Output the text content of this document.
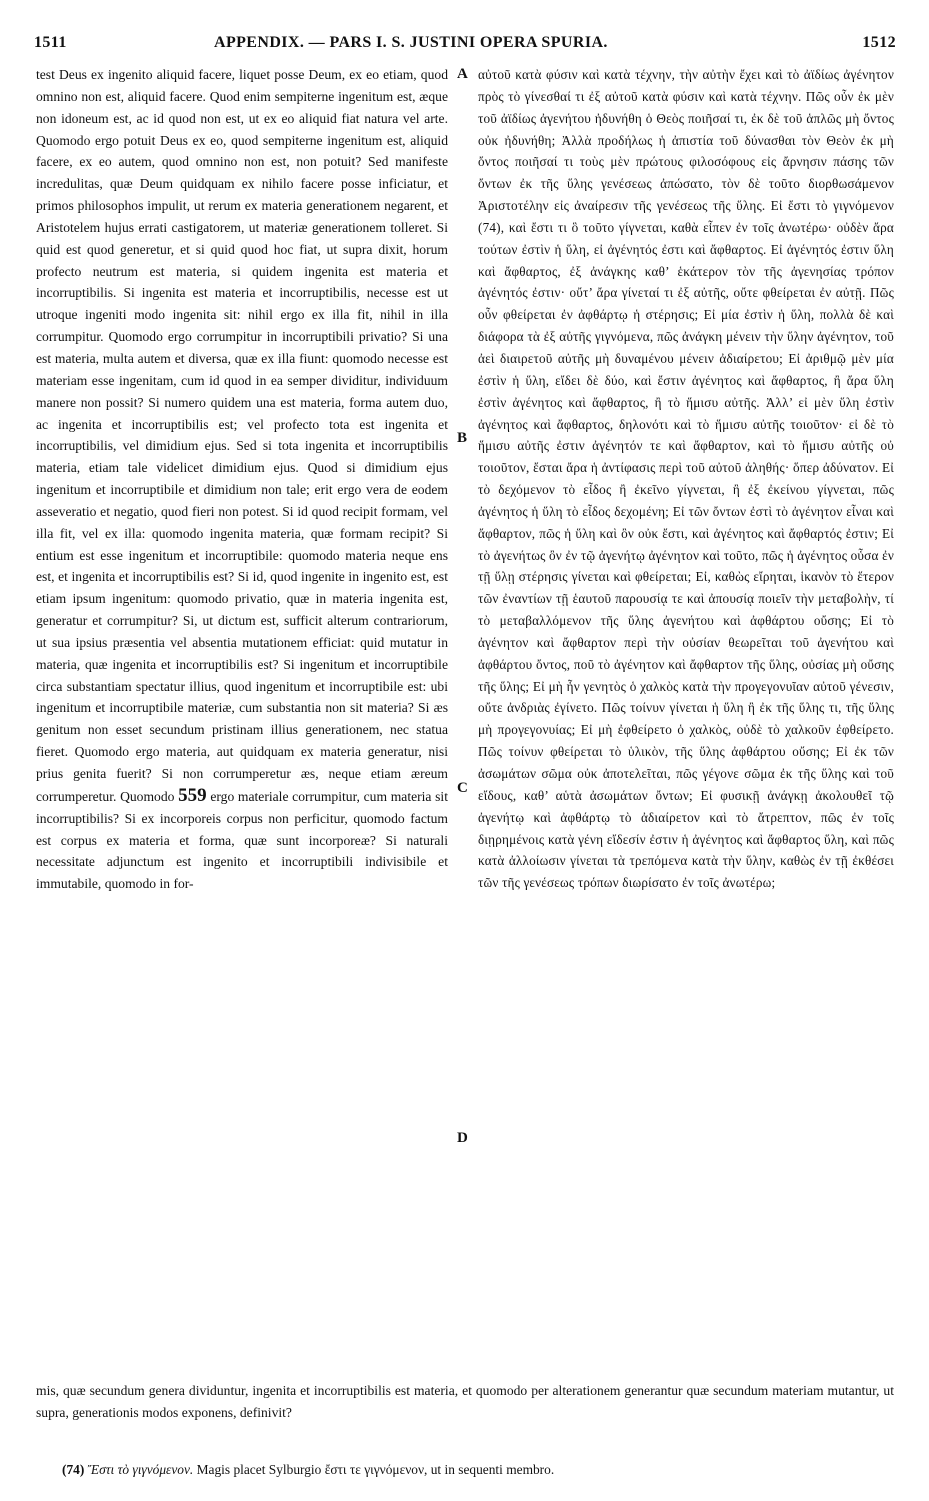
1511	APPENDIX. — PARS I. S. JUSTINI OPERA SPURIA.	1512

test Deus ex ingenito aliquid facere, liquet posse Deum, ex eo etiam, quod omnino non est, aliquid facere. Quod enim sempiterne ingenitum est, æque non idoneum est, ac id quod non est, ut ex eo aliquid fiat natura vel arte. Quomodo ergo potuit Deus ex eo, quod sempiterne ingenitum est, aliquid facere, ex eo autem, quod omnino non est, non potuit? Sed manifeste incredulitas, quæ Deum quidquam ex nihilo facere posse inficiatur, et primos philosophos impulit, ut rerum ex materia generationem negarent, et Aristotelem hujus errati castigatorem, ut materiæ generationem tolleret. Si quid est quod generetur, et si quid quod hoc fiat, ut supra dixit, horum profecto neutrum est materia, si quidem ingenita est materia et incorruptibilis. Si ingenita est materia et incorruptibilis, necesse est ut utroque ingeniti modo ingenita sit: nihil ergo ex illa fit, nihil in illa corrumpitur. Quomodo ergo corrumpitur in incorruptibili privatio? Si una est materia, multa autem et diversa, quæ ex illa fiunt: quomodo necesse est materiam esse ingenitam, cum id quod in ea semper dividitur, individuum manere non possit? Si numero quidem una est materia, forma autem duo, ac ingenita et incorruptibilis est; vel profecto tota est ingenita et incorruptibilis, vel dimidium ejus. Sed si tota ingenita et incorruptibilis materia, etiam tale videlicet dimidium ejus. Quod si dimidium ejus ingenitum et incorruptibile et dimidium non tale; erit ergo vera de eodem asseveratio et negatio, quod fieri non potest. Si id quod recipit formam, vel illa fit, vel ex illa: quomodo ingenita materia, quæ formam recipit? Si entium est esse ingenitum et incorruptibile: quomodo materia neque ens est, et ingenita et incorruptibilis est? Si id, quod ingenite in ingenito est, est etiam ipsum ingenitum: quomodo privatio, quæ in materia ingenita est, generatur et corrumpitur? Si, ut dictum est, sufficit alterum contrariorum, ut sua ipsius præsentia vel absentia mutationem efficiat: quid mutatur in materia, quæ ingenita et incorruptibilis est? Si ingenitum et incorruptibile circa substantiam spectatur illius, quod ingenitum et incorruptibile est: ubi ingenitum et incorruptibile materiæ, cum substantia non sit materia? Si æs genitum non esset secundum pristinam illius generationem, nec statua fieret. Quomodo ergo materia, aut quidquam ex materia generatur, nisi prius genita fuerit? Si non corrumperetur æs, neque etiam æreum corrumperetur. Quomodo 559 ergo materiale corrumpitur, cum materia sit incorruptibilis? Si ex incorporeis corpus non perficitur, quomodo factum est corpus ex materia et forma, quæ sunt incorporeæ? Si naturali necessitate adjunctum est ingenito et incorruptibili indivisibile et immutabile, quomodo in for-

A
B
C
D

αὐτοῦ κατὰ φύσιν καὶ κατὰ τέχνην, τὴν αὐτὴν ἔχει καὶ τὸ ἀϊδίως ἀγένητον πρὸς τὸ γίνεσθαί τι ἐξ αὐτοῦ κατὰ φύσιν καὶ κατὰ τέχνην. Πῶς οὖν ἐκ μὲν τοῦ ἀϊδίως ἀγενήτου ἠδυνήθη ὁ Θεὸς ποιῆσαί τι, ἐκ δὲ τοῦ ἁπλῶς μὴ ὄντος οὐκ ἠδυνήθη; Ἀλλὰ προδήλως ἡ ἀπιστία τοῦ δύνασθαι τὸν Θεὸν ἐκ μὴ ὄντος ποιῆσαί τι τοὺς μὲν πρώτους φιλοσόφους εἰς ἄρνησιν πάσης τῶν ὄντων ἐκ τῆς ὕλης γενέσεως ἀπώσατο, τὸν δὲ τοῦτο διορθωσάμενον Ἀριστοτέλην εἰς ἀναίρεσιν τῆς γενέσεως τῆς ὕλης. Εἰ ἔστι τὸ γιγνόμενον (74), καὶ ἔστι τι ὃ τοῦτο γίγνεται, καθὰ εἶπεν ἐν τοῖς ἀνωτέρω· οὐδὲν ἄρα τούτων ἐστὶν ἡ ὕλη, εἰ ἀγένητός ἐστι καὶ ἄφθαρτος. Εἰ ἀγένητός ἐστιν ὕλη καὶ ἄφθαρτος, ἐξ ἀνάγκης καθ’ ἑκάτερον τὸν τῆς ἀγενησίας τρόπον ἀγένητός ἐστιν· οὔτ’ ἄρα γίνεταί τι ἐξ αὐτῆς, οὔτε φθείρεται ἐν αὐτῇ. Πῶς οὖν φθείρεται ἐν ἀφθάρτῳ ἡ στέρησις; Εἰ μία ἐστὶν ἡ ὕλη, πολλὰ δὲ καὶ διάφορα τὰ ἐξ αὐτῆς γιγνόμενα, πῶς ἀνάγκη μένειν τὴν ὕλην ἀγένητον, τοῦ ἀεὶ διαιρετοῦ αὐτῆς μὴ δυναμένου μένειν ἀδιαίρετου; Εἰ ἀριθμῷ μὲν μία ἐστὶν ἡ ὕλη, εἴδει δὲ δύο, καὶ ἔστιν ἀγένητος καὶ ἄφθαρτος, ἢ ἄρα ὕλη ἐστὶν ἀγένητος καὶ ἄφθαρτος, ἢ τὸ ἥμισυ αὐτῆς. Ἀλλ’ εἰ μὲν ὕλη ἐστὶν ἀγένητος καὶ ἄφθαρτος, δηλονότι καὶ τὸ ἥμισυ αὐτῆς τοιοῦτον· εἰ δὲ τὸ ἥμισυ αὐτῆς ἐστιν ἀγένητόν τε καὶ ἄφθαρτον, καὶ τὸ ἥμισυ αὐτῆς οὐ τοιοῦτον, ἔσται ἄρα ἡ ἀντίφασις περὶ τοῦ αὐτοῦ ἀληθής· ὅπερ ἀδύνατον. Εἰ τὸ δεχόμενον τὸ εἶδος ἢ ἐκεῖνο γίγνεται, ἢ ἐξ ἐκείνου γίγνεται, πῶς ἀγένητος ἡ ὕλη τὸ εἶδος δεχομένη; Εἰ τῶν ὄντων ἐστὶ τὸ ἀγένητον εἶναι καὶ ἄφθαρτον, πῶς ἡ ὕλη καὶ ὂν οὐκ ἔστι, καὶ ἀγένητος καὶ ἄφθαρτός ἐστιν; Εἰ τὸ ἀγενήτως ὂν ἐν τῷ ἀγενήτῳ ἀγένητον καὶ τοῦτο, πῶς ἡ ἀγένητος οὖσα ἐν τῇ ὕλῃ στέρησις γίνεται καὶ φθείρεται; Εἰ, καθὼς εἴρηται, ἱκανὸν τὸ ἕτερον τῶν ἐναντίων τῇ ἑαυτοῦ παρουσίᾳ τε καὶ ἀπουσίᾳ ποιεῖν τὴν μεταβολὴν, τί τὸ μεταβαλλόμενον τῆς ὕλης ἀγενήτου καὶ ἀφθάρτου οὔσης; Εἰ τὸ ἀγένητον καὶ ἄφθαρτον περὶ τὴν οὐσίαν θεωρεῖται τοῦ ἀγενήτου καὶ ἀφθάρτου ὄντος, ποῦ τὸ ἀγένητον καὶ ἄφθαρτον τῆς ὕλης, οὐσίας μὴ οὔσης τῆς ὕλης; Εἰ μὴ ἦν γενητὸς ὁ χαλκὸς κατὰ τὴν προγεγονυῖαν αὐτοῦ γένεσιν, οὔτε ἀνδριὰς ἐγίνετο. Πῶς τοίνυν γίνεται ἡ ὕλη ἢ ἐκ τῆς ὕλης τι, τῆς ὕλης μὴ προγεγονυίας; Εἰ μὴ ἐφθείρετο ὁ χαλκὸς, οὐδὲ τὸ χαλκοῦν ἐφθείρετο. Πῶς τοίνυν φθείρεται τὸ ὑλικὸν, τῆς ὕλης ἀφθάρτου οὔσης; Εἰ ἐκ τῶν ἀσωμάτων σῶμα οὐκ ἀποτελεῖται, πῶς γέγονε σῶμα ἐκ τῆς ὕλης καὶ τοῦ εἴδους, καθ’ αὑτὰ ἀσωμάτων ὄντων; Εἰ φυσικῇ ἀνάγκῃ ἀκολουθεῖ τῷ ἀγενήτῳ καὶ ἀφθάρτῳ τὸ ἀδιαίρετον καὶ τὸ ἄτρεπτον, πῶς ἐν τοῖς διῃρημένοις κατὰ γένη εἴδεσίν ἐστιν ἡ ἀγένητος καὶ ἄφθαρτος ὕλη, καὶ πῶς κατὰ ἀλλοίωσιν γίνεται τὰ τρεπόμενα κατὰ τὴν ὕλην, καθὼς ἐν τῇ ἐκθέσει τῶν τῆς γενέσεως τρόπων διωρίσατο ἐν τοῖς ἀνωτέρω;

mis, quæ secundum genera dividuntur, ingenita et incorruptibilis est materia, et quomodo per alterationem generantur quæ secundum materiam mutantur, ut supra, generationis modos exponens, definivit?

(74) Ἔστι τὸ γιγνόμενον. Magis placet Sylburgio ἔστι τε γιγνόμενον, ut in sequenti membro.
